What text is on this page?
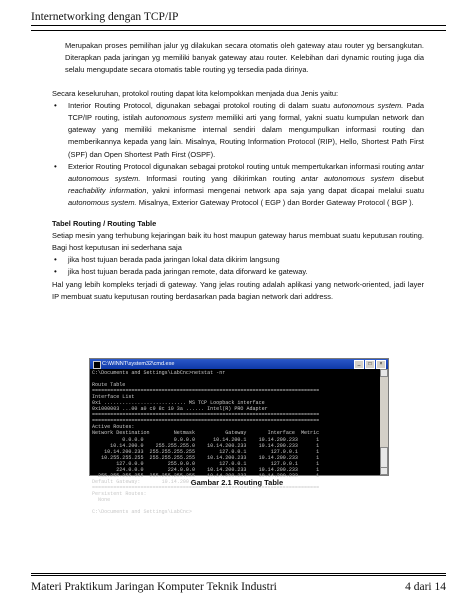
Internetworking dengan TCP/IP

Merupakan proses pemilihan jalur yg dilakukan secara otomatis oleh gateway atau router yg bersangkutan. Diterapkan pada jaringan yg memiliki banyak gateway atau router. Kelebihan dari dynamic routing juga dia selalu mengupdate secara otomatis table routing yg tersedia pada dirinya.

Secara keseluruhan, protokol routing dapat kita kelompokkan menjada dua Jenis yaitu:

• Interior Routing Protocol, digunakan sebagai protokol routing di dalam suatu autonomous system. Pada TCP/IP routing, istilah autonomous system memiliki arti yang formal, yakni suatu kumpulan network dan gateway yang memiliki mekanisme internal sendiri dalam mengumpulkan informasi routing dan memberikannya kepada yang lain. Misalnya, Routing Information Protocol (RIP), Hello, Shortest Path First (SPF) dan Open Shortest Path First (OSPF).
• Exterior Routing Protocol digunakan sebagai protokol routing untuk mempertukarkan informasi routing antar autonomous system. Informasi routing yang dikirimkan routing antar autonomous system disebut reachability information, yakni informasi mengenai network apa saja yang dapat dicapai melalui suatu autonomous system. Misalnya, Exterior Gateway Protocol ( EGP ) dan Border Gateway Protocol ( BGP ).

Tabel Routing / Routing Table

Setiap mesin yang terhubung kejaringan baik itu host maupun gateway harus membuat suatu keputusan routing. Bagi host keputusan ini sederhana saja

• jika host tujuan berada pada jaringan lokal data dikirim langsung
• jika host tujuan berada pada jaringan remote, data diforward ke gateway.

Hal yang lebih kompleks terjadi di gateway. Yang jelas routing adalah aplikasi yang network-oriented, jadi layer IP membuat suatu keputusan routing berdasarkan pada bagian network dari address.

C:\WINNT\system32\cmd.exe	_	□	×
C:\Documents and Settings\LabCnc>netstat -nr

Route Table
===========================================================================
Interface List
0x1 ........................... MS TCP Loopback interface
0x1000003 ...00 a0 c9 8c 10 3a ...... Intel(R) PRO Adapter
===========================================================================
===========================================================================
Active Routes:
Network Destination        Netmask          Gateway       Interface  Metric
0.0.0.0          0.0.0.0      10.14.200.1    10.14.200.233      1
10.14.200.0    255.255.255.0    10.14.200.233    10.14.200.233      1
10.14.200.233  255.255.255.255        127.0.0.1        127.0.0.1      1
10.255.255.255  255.255.255.255    10.14.200.233    10.14.200.233      1
127.0.0.0        255.0.0.0        127.0.0.1        127.0.0.1      1
224.0.0.0        224.0.0.0    10.14.200.233    10.14.200.233      1
255.255.255.255  255.255.255.255    10.14.200.233    10.14.200.233      1
Default Gateway:       10.14.200.1
===========================================================================
Persistent Routes:
None

C:\Documents and Settings\LabCnc>
Gambar 2.1 Routing Table
Materi Praktikum Jaringan Komputer Teknik Industri	4 dari 14
